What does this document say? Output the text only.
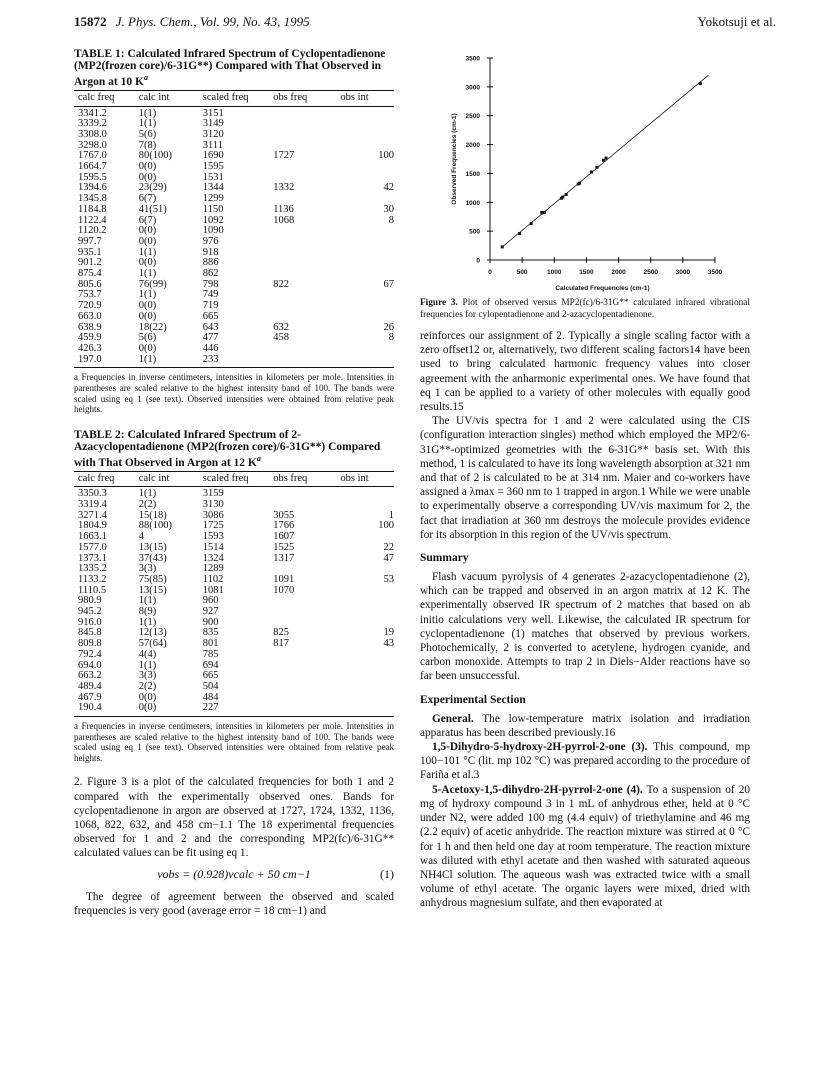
15872 J. Phys. Chem., Vol. 99, No. 43, 1995	Yokotsuji et al.

TABLE 1: Calculated Infrared Spectrum of Cyclopentadienone (MP2(frozen core)/6-31G**) Compared with That Observed in Argon at 10 $K^a$

calc freq	calc int	scaled freq	obs freq	obs int
3341.2	1(1)	3151		
3339.2	1(1)	3149		
3308.0	5(6)	3120		
3298.0	7(8)	3111		
1767.0	80(100)	1690	1727	100
1664.7	0(0)	1595		
1595.5	0(0)	1531		
1394.6	23(29)	1344	1332	42
1345.8	6(7)	1299		
1184.8	41(51)	1150	1136	30
1122.4	6(7)	1092	1068	8
1120.2	0(0)	1090		
997.7	0(0)	976		
935.1	1(1)	918		
901.2	0(0)	886		
875.4	1(1)	862		
805.6	76(99)	798	822	67
753.7	1(1)	749		
720.9	0(0)	719		
663.0	0(0)	665		
638.9	18(22)	643	632	26
459.9	5(6)	477	458	8
426.3	0(0)	446		
197.0	1(1)	233		

a Frequencies in inverse centimeters, intensities in kilometers per mole. Intensities in parentheses are scaled relative to the highest intensity band of 100. The bands were scaled using eq 1 (see text). Observed intensities were obtained from relative peak heights.

TABLE 2: Calculated Infrared Spectrum of 2-Azacyclopentadienone (MP2(frozen core)/6-31G**) Compared with That Observed in Argon at 12 $K^a$

calc freq	calc int	scaled freq	obs freq	obs int
3350.3	1(1)	3159		
3319.4	2(2)	3130		
3271.4	15(18)	3086	3055	1
1804.9	88(100)	1725	1766	100
1663.1	4	1593	1607	
1577.0	13(15)	1514	1525	22
1373.1	37(43)	1324	1317	47
1335.2	3(3)	1289		
1133.2	75(85)	1102	1091	53
1110.5	13(15)	1081	1070	
980.9	1(1)	960		
945.2	8(9)	927		
916.0	1(1)	900		
845.8	12(13)	835	825	19
809.8	57(64)	801	817	43
792.4	4(4)	785		
694.0	1(1)	694		
663.2	3(3)	665		
489.4	2(2)	504		
467.9	0(0)	484		
190.4	0(0)	227		

a Frequencies in inverse centimeters, intensities in kilometers per mole. Intensities in parentheses are scaled relative to the highest intensity band of 100. The bands were scaled using eq 1 (see text). Observed intensities were obtained from relative peak heights.

2. Figure 3 is a plot of the calculated frequencies for both 1 and 2 compared with the experimentally observed ones. Bands for cyclopentadienone in argon are observed at 1727, 1724, 1332, 1136, 1068, 822, 632, and 458 cm−1.1 The 18 experimental frequencies observed for 1 and 2 and the corresponding MP2(fc)/6-31G** calculated values can be fit using eq 1.

νobs = (0.928)νcalc + 50 cm−1	(1)

The degree of agreement between the observed and scaled frequencies is very good (average error = 18 cm−1) and

0	500	1000	1500	2000	2500	3000	3500
0
500
1000
1500
2000
2500
3000
3500
Calculated Frequencies (cm-1)
Observed Frequencies (cm-1)

Figure 3. Plot of observed versus MP2(fc)/6-31G** calculated infrared vibrational frequencies for cylopentadienone and 2-azacyclopentadienone.

reinforces our assignment of 2. Typically a single scaling factor with a zero offset12 or, alternatively, two different scaling factors14 have been used to bring calculated harmonic frequency values into closer agreement with the anharmonic experimental ones. We have found that eq 1 can be applied to a variety of other molecules with equally good results.15

The UV/vis spectra for 1 and 2 were calculated using the CIS (configuration interaction singles) method which employed the MP2/6-31G**-optimized geometries with the 6-31G** basis set. With this method, 1 is calculated to have its long wavelength absorption at 321 nm and that of 2 is calculated to be at 314 nm. Maier and co-workers have assigned a λmax = 360 nm to 1 trapped in argon.1 While we were unable to experimentally observe a corresponding UV/vis maximum for 2, the fact that irradiation at 360 nm destroys the molecule provides evidence for its absorption in this region of the UV/vis spectrum.

Summary

Flash vacuum pyrolysis of 4 generates 2-azacyclopentadienone (2), which can be trapped and observed in an argon matrix at 12 K. The experimentally observed IR spectrum of 2 matches that based on ab initio calculations very well. Likewise, the calculated IR spectrum for cyclopentadienone (1) matches that observed by previous workers. Photochemically, 2 is converted to acetylene, hydrogen cyanide, and carbon monoxide. Attempts to trap 2 in Diels−Alder reactions have so far been unsuccessful.

Experimental Section

General. The low-temperature matrix isolation and irradiation apparatus has been described previously.16

1,5-Dihydro-5-hydroxy-2H-pyrrol-2-one (3). This compound, mp 100−101 °C (lit. mp 102 °C) was prepared according to the procedure of Fariña et al.3

5-Acetoxy-1,5-dihydro-2H-pyrrol-2-one (4). To a suspension of 20 mg of hydroxy compound 3 in 1 mL of anhydrous ether, held at 0 °C under N2, were added 100 mg (4.4 equiv) of triethylamine and 46 mg (2.2 equiv) of acetic anhydride. The reaction mixture was stirred at 0 °C for 1 h and then held one day at room temperature. The reaction mixture was diluted with ethyl acetate and then washed with saturated aqueous NH4Cl solution. The aqueous wash was extracted twice with a small volume of ethyl acetate. The organic layers were mixed, dried with anhydrous magnesium sulfate, and then evaporated at
